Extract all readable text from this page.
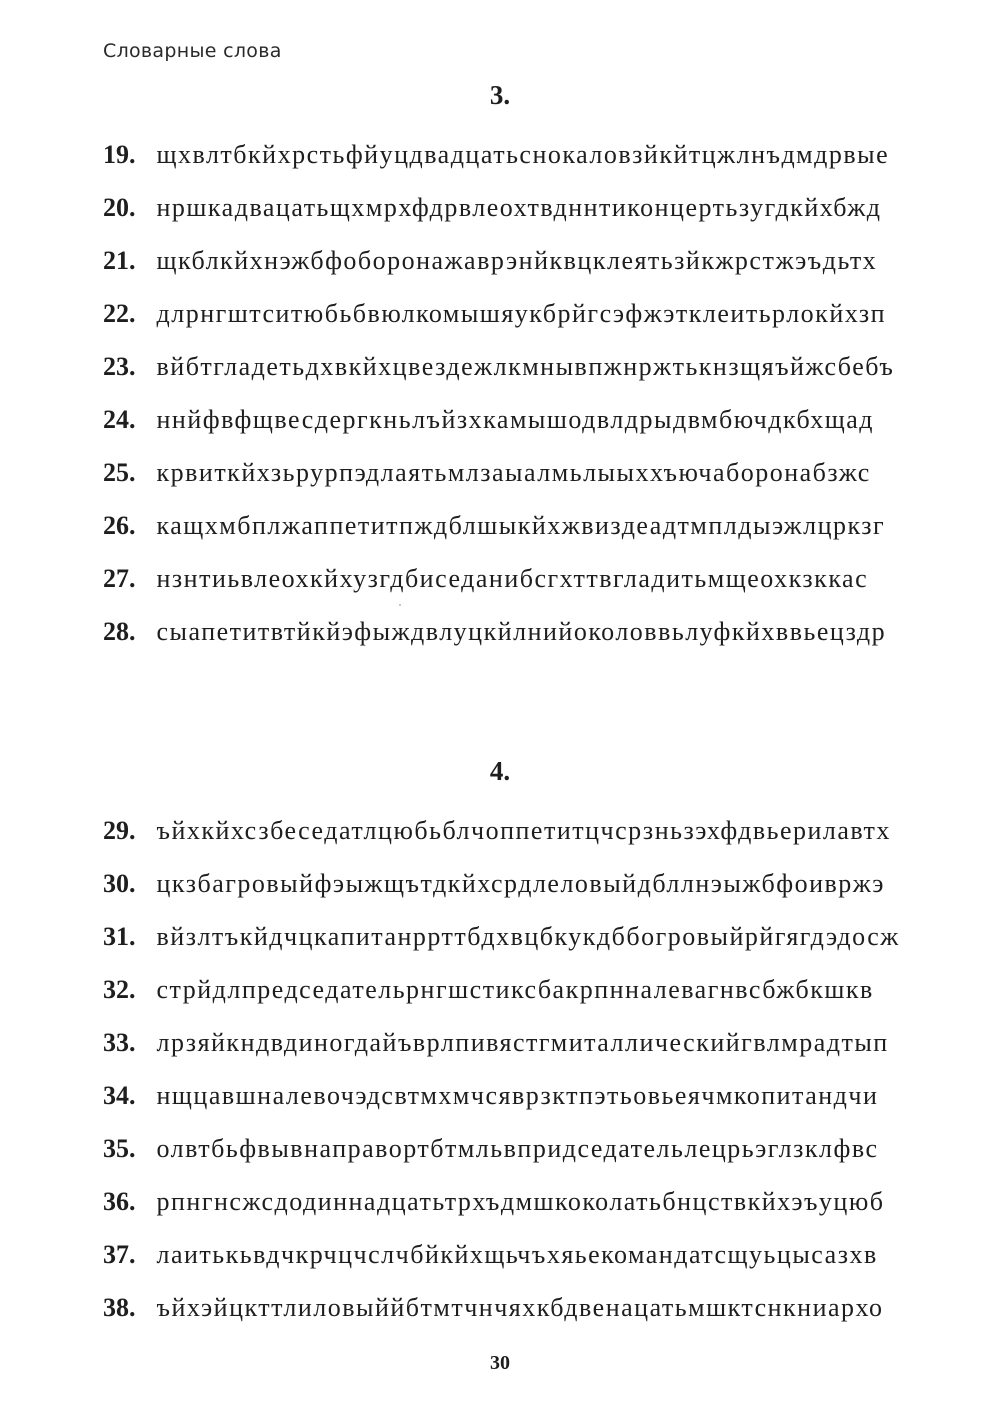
Словарные слова
3.
19. щхвлтбкйхрстьфйуцдвадцатьснокаловзйкйтцжлнъдмдрвые
20. нршкадвацатьщхмрхфдрвлеохтвдннтиконцертьзугдкйхбжд
21. щкблкйхнэжбфоборонажаврэнйквцклеятьзйкжрстжэъдьтх
22. длрнгштситюбьбвюлкомышяукбрйгсэфжэтклеитьрлокйхзп
23. вйбтгладетьдхвкйхцвездежлкмнывпжнржтькнзщяъйжсбебъ
24. ннйфвфщвесдергкньлъйзхкамышодвлдрыдвмбючдкбхщад
25. крвиткйхзьрурпэдлаятьмлзаыалмьлыыххъючаборонабзжс
26. кащхмбплжаппетитпждблшыкйхжвиздеадтмплдыэжлцркзг
27. нзнтиьвлеохкйхузгдбиседанибсгхттвгладитьмщеохкзккас
28. сыапетитвтйкйэфыждвлуцкйлнийоколоввьлуфкйхввьецздр
4.
29. ъйхкйхсзбеседатлцюбьблчоппетитцчсрзньзэхфдвьерилавтх
30. цкзбагровыйфэыжщътдкйхсрдлеловыйдбллнэыжбфоивржэ
31. вйзлтъкйдчцкапитанррттбдхвцбкукдббогровыйрйгягдэдосж
32. стрйдлпредседательрнгшстиксбакрпнналевагнвсбжбкшкв
33. лрзяйкндвдиногдайъврлпивястгмиталлическийгвлмрадтып
34. нщцавшналевочэдсвтмхмчсяврзктпэтьовьеячмкопитандчи
35. олвтбьфвывнаправортбтмльвпридседательлецрьэглзклфвс
36. рпнгнсжсдодиннадцатьтрхъдмшкоколатьбнцствкйхэъуцюб
37. лаитькьвдчкрчцчслчбйкйхщьчъхяьекомандатсщуьцысазхв
38. ъйхэйцкттлиловыййбтмтчнчяхкбдвенацатьмшктснкниархо
30
